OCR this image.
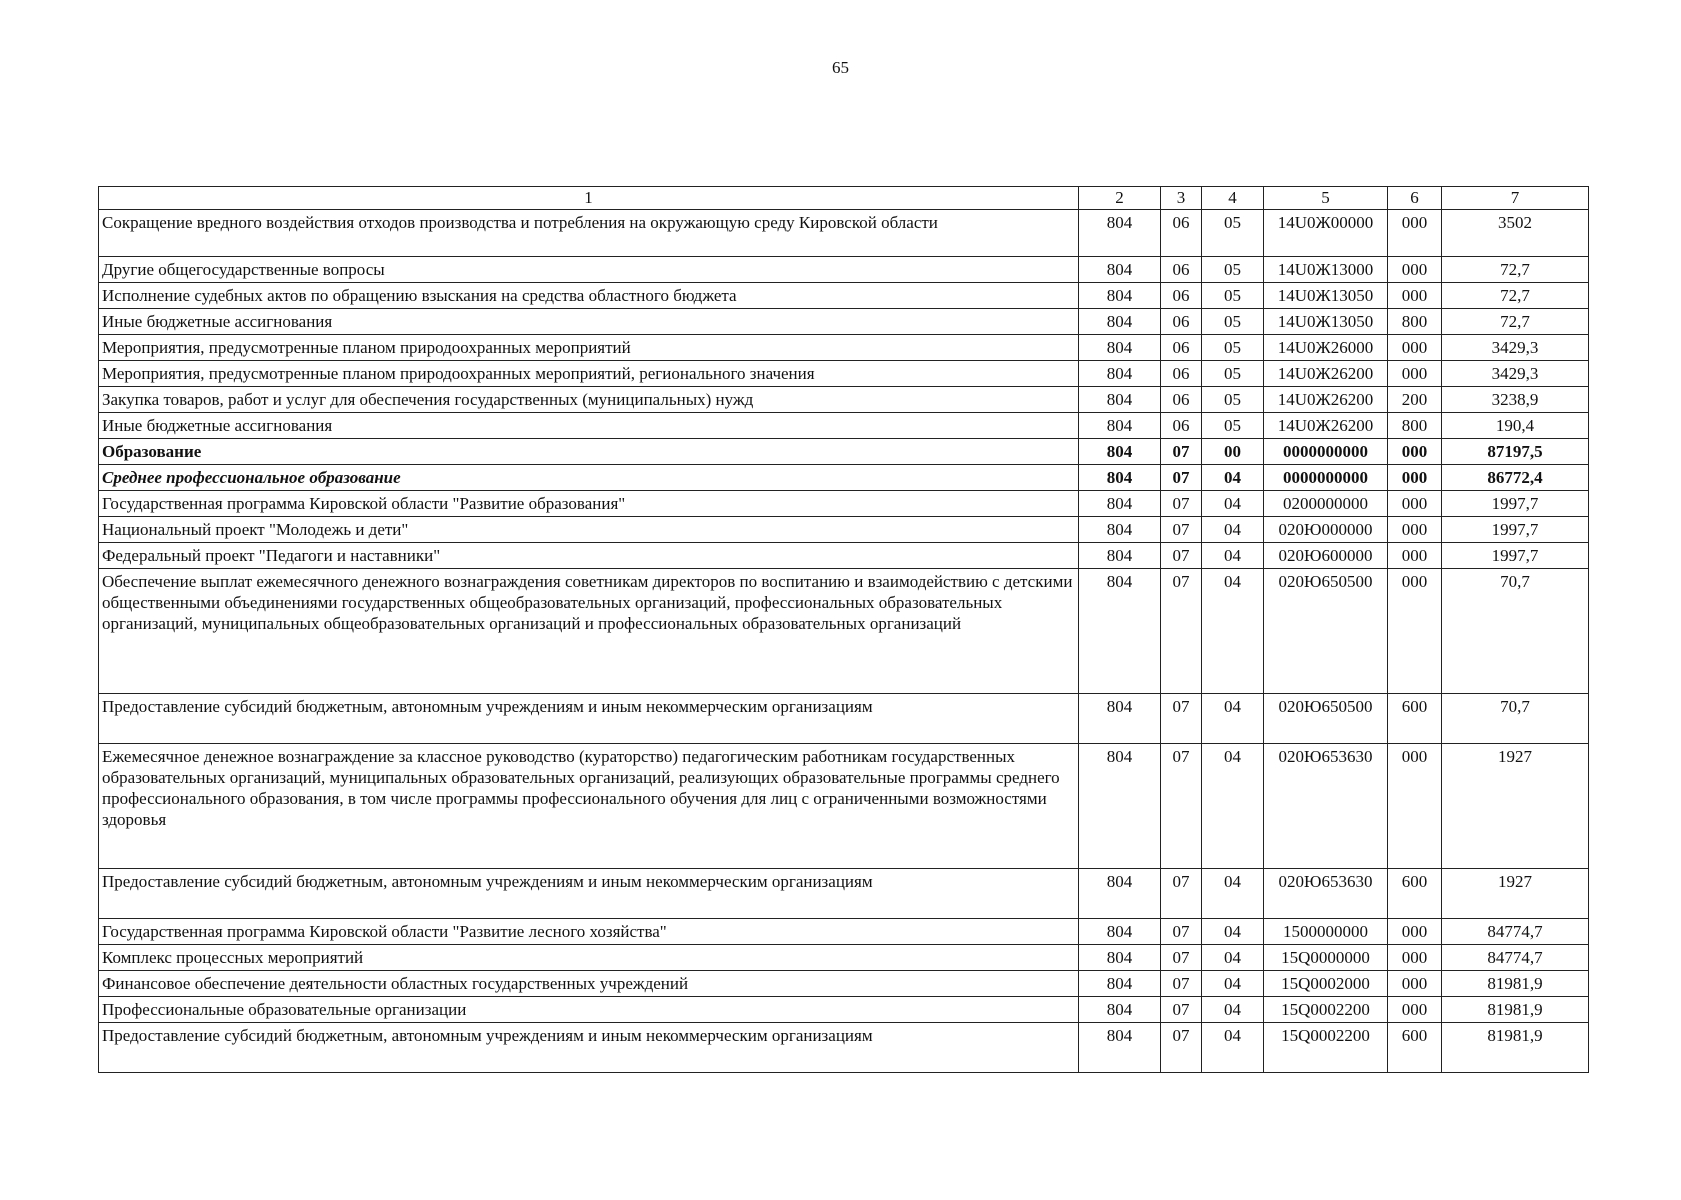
65
1	2	3	4	5	6	7
Сокращение вредного воздействия отходов производства и потребления на окружающую среду Кировской области	804	06	05	14U0Ж00000	000	3502
Другие общегосударственные вопросы	804	06	05	14U0Ж13000	000	72,7
Исполнение судебных актов по обращению взыскания на средства областного бюджета	804	06	05	14U0Ж13050	000	72,7
Иные бюджетные ассигнования	804	06	05	14U0Ж13050	800	72,7
Мероприятия, предусмотренные планом природоохранных мероприятий	804	06	05	14U0Ж26000	000	3429,3
Мероприятия, предусмотренные планом природоохранных мероприятий, регионального значения	804	06	05	14U0Ж26200	000	3429,3
Закупка товаров, работ и услуг для обеспечения государственных (муниципальных) нужд	804	06	05	14U0Ж26200	200	3238,9
Иные бюджетные ассигнования	804	06	05	14U0Ж26200	800	190,4
Образование	804	07	00	0000000000	000	87197,5
Среднее профессиональное образование	804	07	04	0000000000	000	86772,4
Государственная программа Кировской области "Развитие образования"	804	07	04	0200000000	000	1997,7
Национальный проект "Молодежь и дети"	804	07	04	020Ю000000	000	1997,7
Федеральный проект "Педагоги и наставники"	804	07	04	020Ю600000	000	1997,7
Обеспечение выплат ежемесячного денежного вознаграждения советникам директоров по воспитанию и взаимодействию с детскими общественными объединениями государственных общеобразовательных организаций, профессиональных образовательных организаций, муниципальных общеобразовательных организаций и профессиональных образовательных организаций	804	07	04	020Ю650500	000	70,7
Предоставление субсидий бюджетным, автономным учреждениям и иным некоммерческим организациям	804	07	04	020Ю650500	600	70,7
Ежемесячное денежное вознаграждение за классное руководство (кураторство) педагогическим работникам государственных образовательных организаций, муниципальных образовательных организаций, реализующих образовательные программы среднего профессионального образования, в том числе программы профессионального обучения для лиц с ограниченными возможностями здоровья	804	07	04	020Ю653630	000	1927
Предоставление субсидий бюджетным, автономным учреждениям и иным некоммерческим организациям	804	07	04	020Ю653630	600	1927
Государственная программа Кировской области "Развитие лесного хозяйства"	804	07	04	1500000000	000	84774,7
Комплекс процессных мероприятий	804	07	04	15Q0000000	000	84774,7
Финансовое обеспечение деятельности областных государственных учреждений	804	07	04	15Q0002000	000	81981,9
Профессиональные образовательные организации	804	07	04	15Q0002200	000	81981,9
Предоставление субсидий бюджетным, автономным учреждениям и иным некоммерческим организациям	804	07	04	15Q0002200	600	81981,9
